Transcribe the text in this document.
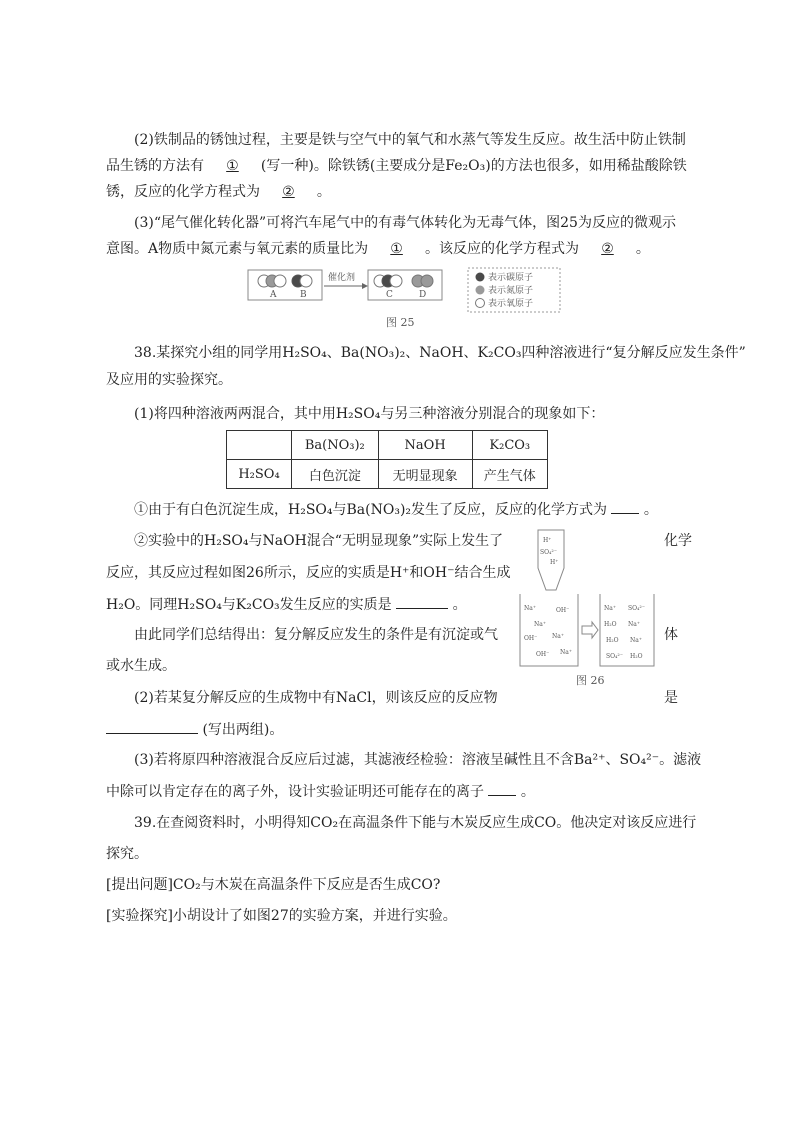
(2)铁制品的锈蚀过程，主要是铁与空气中的氧气和水蒸气等发生反应。故生活中防止铁制
品生锈的方法有 ① (写一种)。除铁锈(主要成分是Fe₂O₃)的方法也很多，如用稀盐酸除铁
锈，反应的化学方程式为 ② 。
(3)“尾气催化转化器”可将汽车尾气中的有毒气体转化为无毒气体，图25为反应的微观示
意图。A物质中氮元素与氧元素的质量比为 ① 。该反应的化学方程式为 ② 。
A	B
催化剂
C	D
表示碳原子
表示氮原子
表示氧原子
图 25
38.某探究小组的同学用H₂SO₄、Ba(NO₃)₂、NaOH、K₂CO₃四种溶液进行“复分解反应发生条件”
及应用的实验探究。
(1)将四种溶液两两混合，其中用H₂SO₄与另三种溶液分别混合的现象如下：
	Ba(NO₃)₂	NaOH	K₂CO₃
H₂SO₄	白色沉淀	无明显现象	产生气体
①由于有白色沉淀生成，H₂SO₄与Ba(NO₃)₂发生了反应，反应的化学方式为	。
②实验中的H₂SO₄与NaOH混合“无明显现象”实际上发生了	化学
反应，其反应过程如图26所示，反应的实质是H⁺和OH⁻结合生成
H₂O。同理H₂SO₄与K₂CO₃发生反应的实质是	。
由此同学们总结得出：复分解反应发生的条件是有沉淀或气	体
或水生成。
H⁺
SO₄²⁻
H⁺
Na⁺	OH⁻
Na⁺
OH⁻ Na⁺
OH⁻ Na⁺
Na⁺ SO₄²⁻
H₂O Na⁺
H₂O Na⁺
SO₄²⁻ H₂O
图 26
(2)若某复分解反应的生成物中有NaCl，则该反应的反应物	是
(写出两组)。
(3)若将原四种溶液混合反应后过滤，其滤液经检验：溶液呈碱性且不含Ba²⁺、SO₄²⁻。滤液
中除可以肯定存在的离子外，设计实验证明还可能存在的离子	。
39.在查阅资料时，小明得知CO₂在高温条件下能与木炭反应生成CO。他决定对该反应进行
探究。
[提出问题]CO₂与木炭在高温条件下反应是否生成CO?
[实验探究]小胡设计了如图27的实验方案，并进行实验。
